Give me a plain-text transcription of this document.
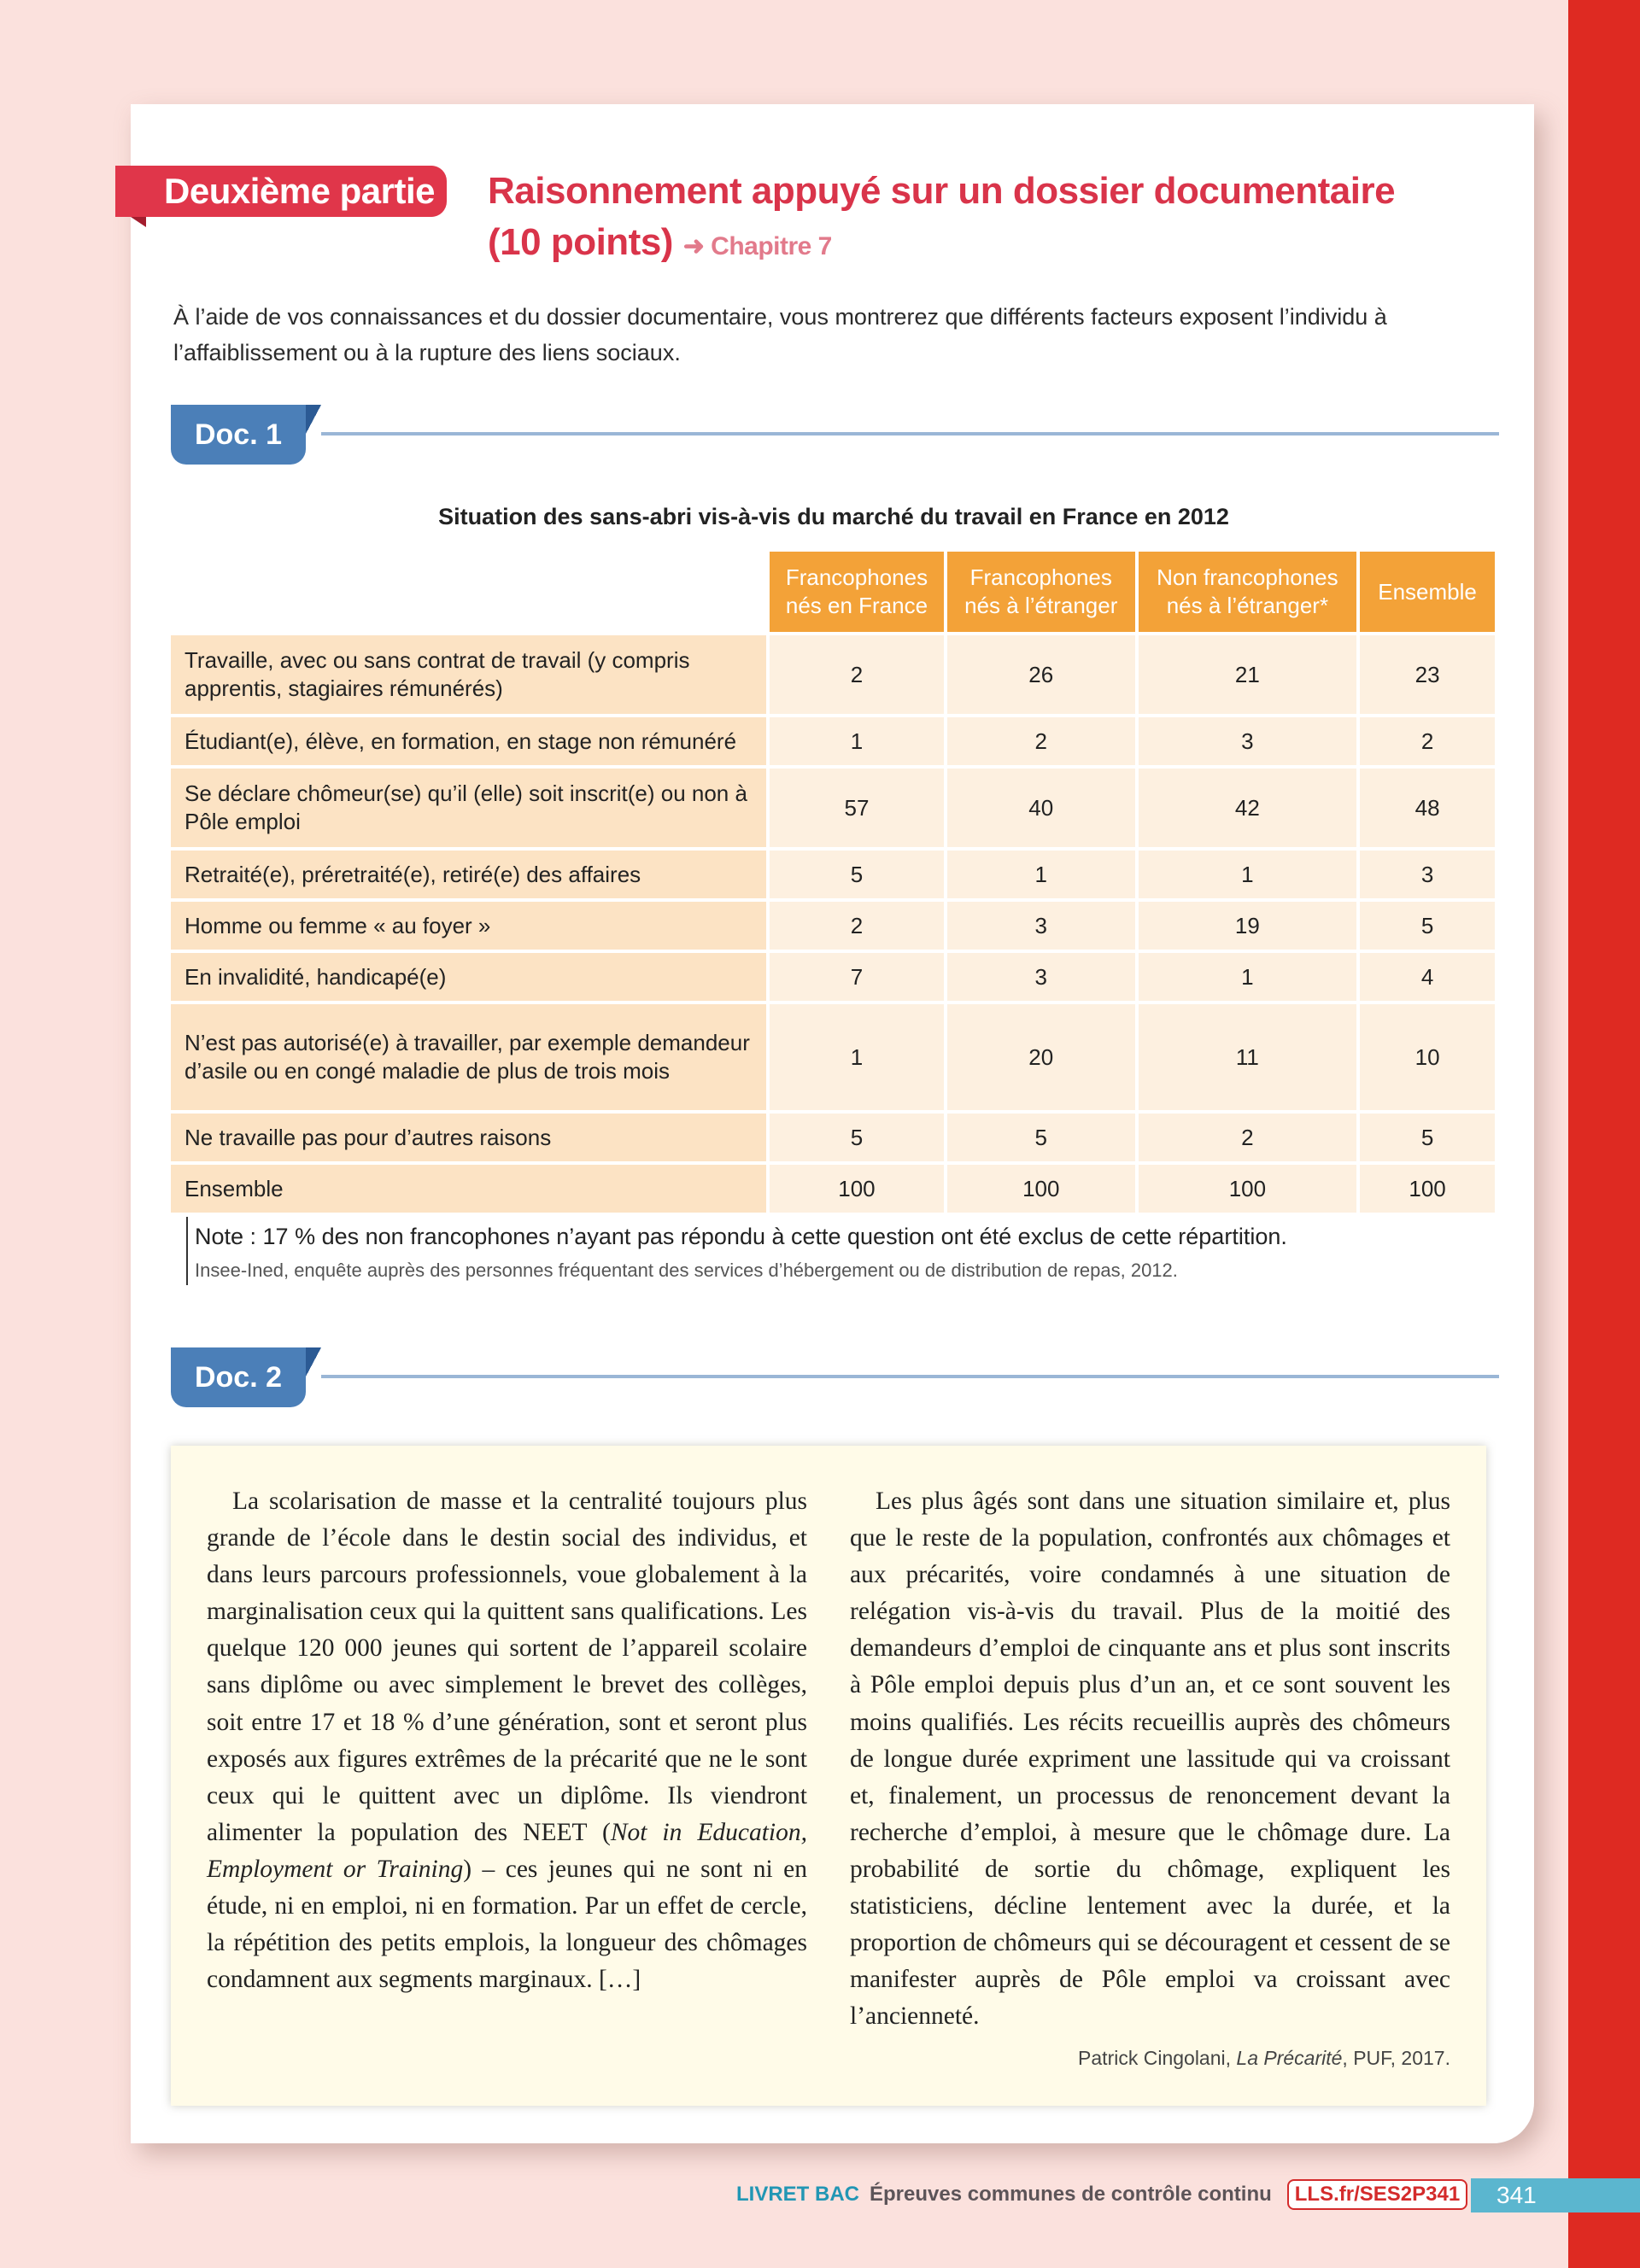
Deuxième partie	Raisonnement appuyé sur un dossier documentaire
(10 points) ➜ Chapitre 7

À l’aide de vos connaissances et du dossier documentaire, vous montrerez que différents facteurs exposent l’individu à l’affaiblissement ou à la rupture des liens sociaux.

Doc. 1
Situation des sans-abri vis-à-vis du marché du travail en France en 2012
	Francophones nés en France	Francophones nés à l’étranger	Non francophones nés à l’étranger*	Ensemble
Travaille, avec ou sans contrat de travail (y compris apprentis, stagiaires rémunérés)	2	26	21	23
Étudiant(e), élève, en formation, en stage non rémunéré	1	2	3	2
Se déclare chômeur(se) qu’il (elle) soit inscrit(e) ou non à Pôle emploi	57	40	42	48
Retraité(e), préretraité(e), retiré(e) des affaires	5	1	1	3
Homme ou femme « au foyer »	2	3	19	5
En invalidité, handicapé(e)	7	3	1	4
N’est pas autorisé(e) à travailler, par exemple demandeur d’asile ou en congé maladie de plus de trois mois	1	20	11	10
Ne travaille pas pour d’autres raisons	5	5	2	5
Ensemble	100	100	100	100
Note : 17 % des non francophones n’ayant pas répondu à cette question ont été exclus de cette répartition.
Insee-Ined, enquête auprès des personnes fréquentant des services d’hébergement ou de distribution de repas, 2012.
Doc. 2

La scolarisation de masse et la centralité toujours plus grande de l’école dans le destin social des individus, et dans leurs parcours professionnels, voue globalement à la marginalisation ceux qui la quittent sans qualifications. Les quelque 120 000 jeunes qui sortent de l’appareil scolaire sans diplôme ou avec simplement le brevet des collèges, soit entre 17 et 18 % d’une génération, sont et seront plus exposés aux figures extrêmes de la précarité que ne le sont ceux qui le quittent avec un diplôme. Ils viendront alimenter la population des NEET (Not in Education, Employment or Training) – ces jeunes qui ne sont ni en étude, ni en emploi, ni en formation. Par un effet de cercle, la répétition des petits emplois, la longueur des chômages condamnent aux segments marginaux. […]

Les plus âgés sont dans une situation similaire et, plus que le reste de la population, confrontés aux chômages et aux précarités, voire condamnés à une situation de relégation vis-à-vis du travail. Plus de la moitié des demandeurs d’emploi de cinquante ans et plus sont inscrits à Pôle emploi depuis plus d’un an, et ce sont souvent les moins qualifiés. Les récits recueillis auprès des chômeurs de longue durée expriment une lassitude qui va croissant et, finalement, un processus de renoncement devant la recherche d’emploi, à mesure que le chômage dure. La probabilité de sortie du chômage, expliquent les statisticiens, décline lentement avec la durée, et la proportion de chômeurs qui se découragent et cessent de se manifester auprès de Pôle emploi va croissant avec l’ancienneté.

Patrick Cingolani, La Précarité, PUF, 2017.
LIVRET BAC Épreuves communes de contrôle continu	LLS.fr/SES2P341	341
